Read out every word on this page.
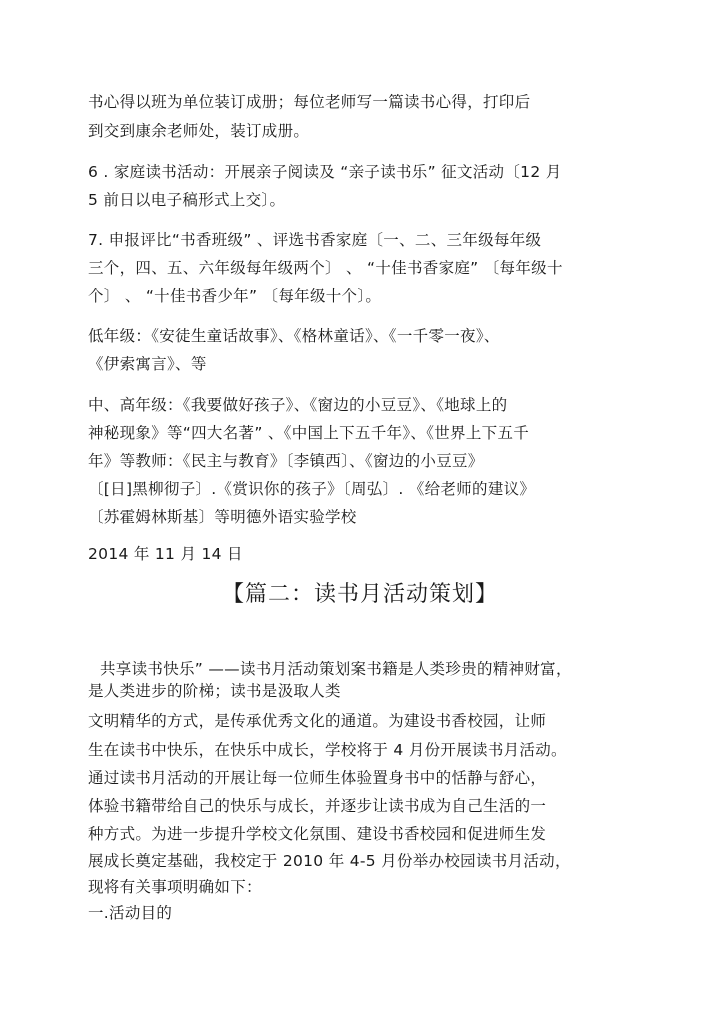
书心得以班为单位装订成册；每位老师写一篇读书心得，打印后
到交到康余老师处，装订成册。
6 . 家庭读书活动：开展亲子阅读及 “亲子读书乐” 征文活动〔12 月
5 前日以电子稿形式上交〕。
7. 申报评比“书香班级” 、评选书香家庭〔一、二、三年级每年级
三个，四、五、六年级每年级两个〕 、 “十佳书香家庭” 〔每年级十
个〕 、 “十佳书香少年” 〔每年级十个〕。
低年级：《安徒生童话故事》、《格林童话》、《一千零一夜》、
《伊索寓言》、等
中、高年级：《我要做好孩子》、《窗边的小豆豆》、《地球上的
神秘现象》等“四大名著” 、《中国上下五千年》、《世界上下五千
年》等教师：《民主与教育》〔李镇西〕、《窗边的小豆豆》
〔[日]黑柳彻子〕.《赏识你的孩子》〔周弘〕. 《给老师的建议》
〔苏霍姆林斯基〕等明德外语实验学校
2014 年 11 月 14 日
【篇二：读书月活动策划】
共享读书快乐” ——读书月活动策划案书籍是人类珍贵的精神财富，
是人类进步的阶梯；读书是汲取人类
文明精华的方式，是传承优秀文化的通道。为建设书香校园，让师
生在读书中快乐，在快乐中成长，学校将于 4 月份开展读书月活动。
通过读书月活动的开展让每一位师生体验置身书中的恬静与舒心，
体验书籍带给自己的快乐与成长，并逐步让读书成为自己生活的一
种方式。为进一步提升学校文化氛围、建设书香校园和促进师生发
展成长奠定基础，我校定于 2010 年 4-5 月份举办校园读书月活动，
现将有关事项明确如下：
一.活动目的
